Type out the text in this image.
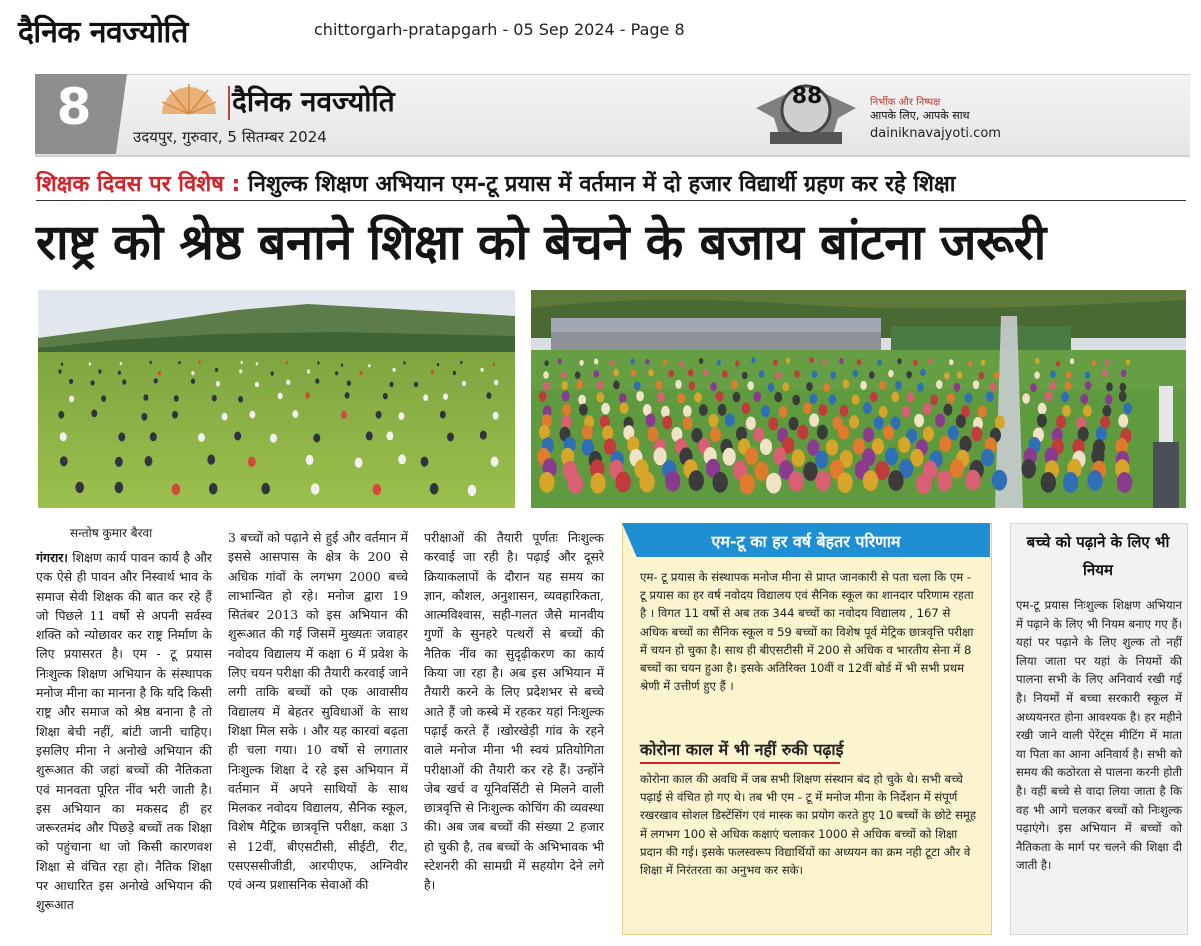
दैनिक नवज्योति	chittorgarh-pratapgarh - 05 Sep 2024 - Page 8
8	दैनिक नवज्योति
उदयपुर, गुरुवार, 5 सितम्बर 2024
88	निर्भीक और निष्पक्ष
आपके लिए, आपके साथ
dainiknavajyoti.com
शिक्षक दिवस पर विशेष : निशुल्क शिक्षण अभियान एम-टू प्रयास में वर्तमान में दो हजार विद्यार्थी ग्रहण कर रहे शिक्षा
राष्ट्र को श्रेष्ठ बनाने शिक्षा को बेचने के बजाय बांटना जरूरी
सन्तोष कुमार बैरवा

गंगरार। शिक्षण कार्य पावन कार्य है और एक ऐसे ही पावन और निस्वार्थ भाव के समाज सेवी शिक्षक की बात कर रहे हैं जो पिछले 11 वर्षो से अपनी सर्वस्व शक्ति को न्योछावर कर राष्ट्र निर्माण के लिए प्रयासरत है। एम - टू प्रयास निःशुल्क शिक्षण अभियान के संस्थापक मनोज मीना का मानना है कि यदि किसी राष्ट्र और समाज को श्रेष्ठ बनाना है तो शिक्षा बेची नहीं, बांटी जानी चाहिए। इसलिए मीना ने अनोखे अभियान की शुरूआत की जहां बच्चों की नैतिकता एवं मानवता पूरित नींव भरी जाती है।इस अभियान का मकसद ही हर जरूरतमंद और पिछड़े बच्चों तक शिक्षा को पहुंचाना था जो किसी कारणवश शिक्षा से वंचित रहा हो। नैतिक शिक्षा पर आधारित इस अनोखे अभियान की शुरूआत

3 बच्चों को पढ़ाने से हुई और वर्तमान में इससे आसपास के क्षेत्र के 200 से अधिक गांवों के लगभग 2000 बच्चे लाभान्वित हो रहे। मनोज द्वारा 19 सितंबर 2013 को इस अभियान की शुरूआत की गई जिसमें मुख्यतः जवाहर नवोदय विद्यालय में कक्षा 6 में प्रवेश के लिए चयन परीक्षा की तैयारी करवाई जाने लगी ताकि बच्चों को एक आवासीय विद्यालय में बेहतर सुविधाओं के साथ शिक्षा मिल सके । और यह कारवां बढ़ता ही चला गया। 10 वर्षो से लगातार निःशुल्क शिक्षा दे रहे इस अभियान में वर्तमान में अपने साथियों के साथ मिलकर नवोदय विद्यालय, सैनिक स्कूल, विशेष मैट्रिक छात्रवृत्ति परीक्षा, कक्षा 3 से 12वीं, बीएसटीसी, सीईटी, रीट, एसएससीजीडी, आरपीएफ, अग्निवीर एवं अन्य प्रशासनिक सेवाओं की

परीक्षाओं की तैयारी पूर्णतः निःशुल्क करवाई जा रही है। पढ़ाई और दूसरे क्रियाकलापों के दौरान यह समय का ज्ञान, कौशल, अनुशासन, व्यवहारिकता, आत्मविश्वास, सही-गलत जैसे मानवीय गुणों के सुनहरे पत्थरों से बच्चों की नैतिक नींव का सुदृढ़ीकरण का कार्य किया जा रहा है। अब इस अभियान में तैयारी करने के लिए प्रदेशभर से बच्चे आते हैं जो कस्बे में रहकर यहां निःशुल्क पढ़ाई करते हैं ।खोरखेड़ी गांव के रहने वाले मनोज मीना भी स्वयं प्रतियोगिता परीक्षाओं की तैयारी कर रहे हैं। उन्होंने जेब खर्च व यूनिवर्सिटी से मिलने वाली छात्रवृत्ति से निःशुल्क कोचिंग की व्यवस्था की। अब जब बच्चों की संख्या 2 हजार हो चुकी है, तब बच्चों के अभिभावक भी स्टेशनरी की सामग्री में सहयोग देने लगे है।

एम-टू का हर वर्ष बेहतर परिणाम
एम- टू प्रयास के संस्थापक मनोज मीना से प्राप्त जानकारी से पता चला कि एम - टू प्रयास का हर वर्ष नवोदय विद्यालय एवं सैनिक स्कूल का शानदार परिणाम रहता है । विगत 11 वर्षो से अब तक 344 बच्चों का नवोदय विद्यालय , 167 से अधिक बच्चों का सैनिक स्कूल व 59 बच्चों का विशेष पूर्व मेट्रिक छात्रवृत्ति परीक्षा में चयन हो चुका है। साथ ही बीएसटीसी में 200 से अधिक व भारतीय सेना में 8 बच्चों का चयन हुआ है। इसके अतिरिक्त 10वीं व 12वीं बोर्ड में भी सभी प्रथम श्रेणी में उत्तीर्ण हुए हैं ।
कोरोना काल में भी नहीं रुकी पढ़ाई
कोरोना काल की अवधि में जब सभी शिक्षण संस्थान बंद हो चुके थे। सभी बच्चे पढ़ाई से वंचित हो गए थे। तब भी एम - टू में मनोज मीना के निर्देशन में संपूर्ण रखरखाव सोशल डिस्टेंसिंग एवं मास्क का प्रयोग करते हुए 10 बच्चों के छोटे समूह में लगभग 100 से अधिक कक्षाएं चलाकर 1000 से अधिक बच्चों को शिक्षा प्रदान की गई। इसके फलस्वरूप विद्यार्थियों का अध्ययन का क्रम नही टूटा और वे शिक्षा में निरंतरता का अनुभव कर सके।
बच्चे को पढ़ाने के लिए भी नियम
एम-टू प्रयास निःशुल्क शिक्षण अभियान में पढ़ाने के लिए भी नियम बनाए गए हैं। यहां पर पढ़ाने के लिए शुल्क तो नहीं लिया जाता पर यहां के नियमों की पालना सभी के लिए अनिवार्य रखी गई है। नियमों में बच्चा सरकारी स्कूल में अध्ययनरत होना आवश्यक है। हर महीने रखी जाने वाली पेरेंट्स मीटिंग में माता या पिता का आना अनिवार्य है। सभी को समय की कठोरता से पालना करनी होती है। वहीं बच्चे से वादा लिया जाता है कि वह भी आगे चलकर बच्चों को निःशुल्क पढ़ाएंगे। इस अभियान में बच्चों को नैतिकता के मार्ग पर चलने की शिक्षा दी जाती है।
